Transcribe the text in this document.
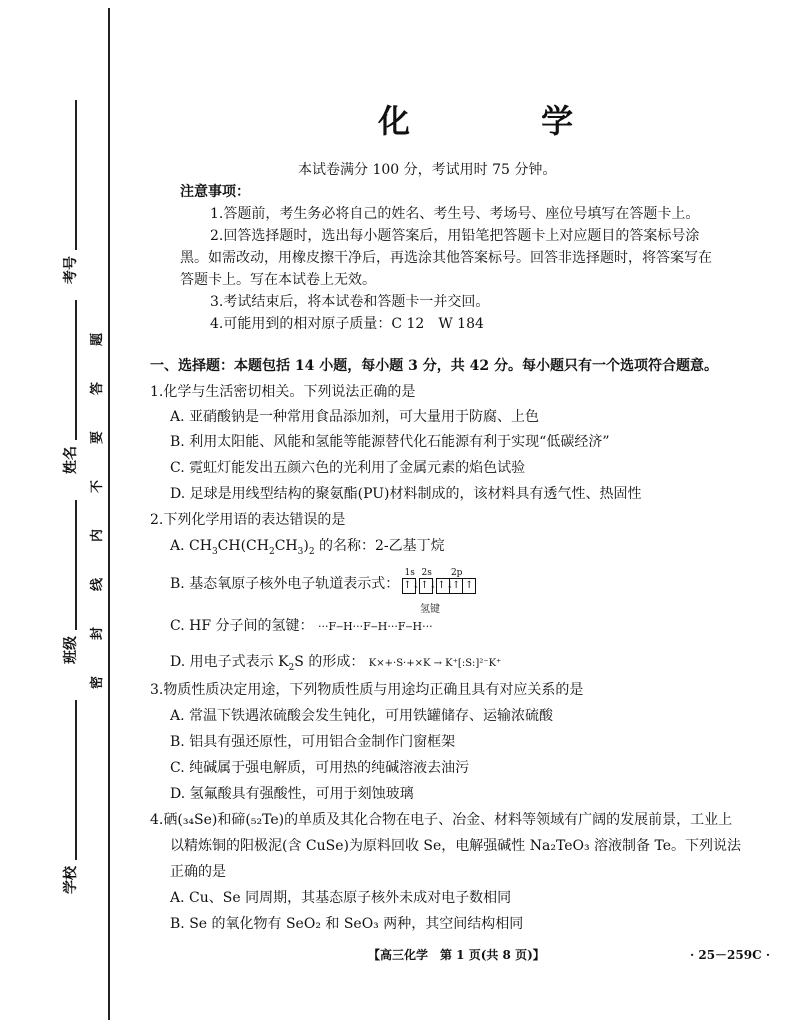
考号
姓名
班级
学校
题
答
要
不
内
线
封
密
化 学
本试卷满分 100 分，考试用时 75 分钟。
注意事项：
1.答题前，考生务必将自己的姓名、考生号、考场号、座位号填写在答题卡上。
2.回答选择题时，选出每小题答案后，用铅笔把答题卡上对应题目的答案标号涂
黑。如需改动，用橡皮擦干净后，再选涂其他答案标号。回答非选择题时，将答案写在
答题卡上。写在本试卷上无效。
3.考试结束后，将本试卷和答题卡一并交回。
4.可能用到的相对原子质量：C 12　W 184
一、选择题：本题包括 14 小题，每小题 3 分，共 42 分。每小题只有一个选项符合题意。
1.化学与生活密切相关。下列说法正确的是
A. 亚硝酸钠是一种常用食品添加剂，可大量用于防腐、上色
B. 利用太阳能、风能和氢能等能源替代化石能源有利于实现“低碳经济”
C. 霓虹灯能发出五颜六色的光利用了金属元素的焰色试验
D. 足球是用线型结构的聚氨酯(PU)材料制成的，该材料具有透气性、热固性
2.下列化学用语的表达错误的是
A. $CH_3CH(CH_2CH_3)_2$ 的名称：2-乙基丁烷
B. 基态氧原子核外电子轨道表示式：
1s
↑↓
2s
↑↓
2p
↑↓
↑ ↑
C. HF 分子间的氢键： ···F‒H···F‒H···F‒H···
氢键
D. 用电子式表示 $K_2S$ 的形成： K×+·S·+×K → K⁺[:S:]²⁻K⁺
3.物质性质决定用途，下列物质性质与用途均正确且具有对应关系的是
A. 常温下铁遇浓硫酸会发生钝化，可用铁罐储存、运输浓硫酸
B. 铝具有强还原性，可用铝合金制作门窗框架
C. 纯碱属于强电解质，可用热的纯碱溶液去油污
D. 氢氟酸具有强酸性，可用于刻蚀玻璃
4.硒(₃₄Se)和碲(₅₂Te)的单质及其化合物在电子、冶金、材料等领域有广阔的发展前景，工业上
以精炼铜的阳极泥(含 CuSe)为原料回收 Se，电解强碱性 Na₂TeO₃ 溶液制备 Te。下列说法
正确的是
A. Cu、Se 同周期，其基态原子核外未成对电子数相同
B. Se 的氧化物有 SeO₂ 和 SeO₃ 两种，其空间结构相同
【高三化学　第 1 页(共 8 页)】	· 25－259C ·
